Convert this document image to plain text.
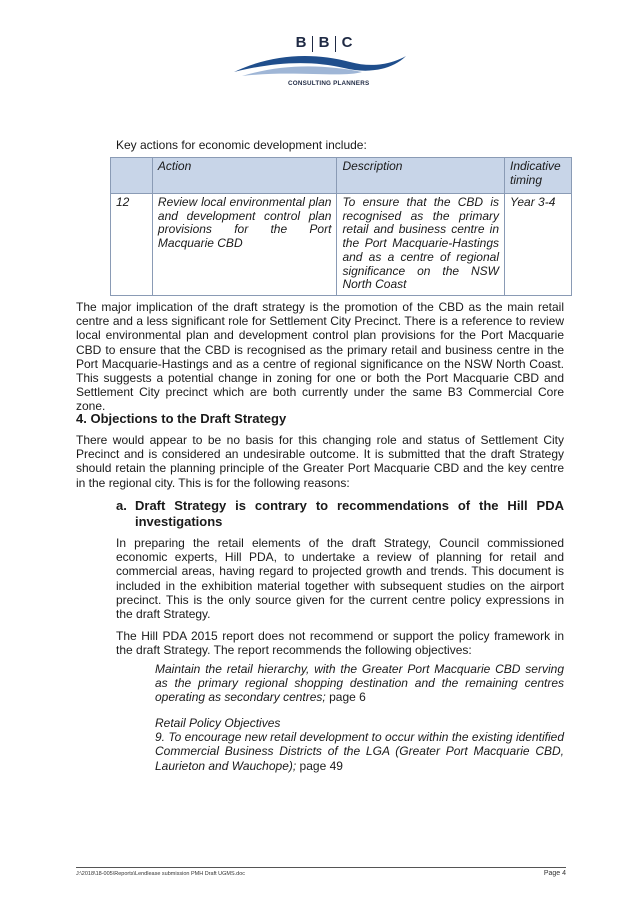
B B C
CONSULTING PLANNERS
Key actions for economic development include:
	Action	Description	Indicative timing
12	Review local environmental plan and development control plan provisions for the Port Macquarie CBD	To ensure that the CBD is recognised as the primary retail and business centre in the Port Macquarie-Hastings and as a centre of regional significance on the NSW North Coast	Year 3-4
The major implication of the draft strategy is the promotion of the CBD as the main retail centre and a less significant role for Settlement City Precinct. There is a reference to review local environmental plan and development control plan provisions for the Port Macquarie CBD to ensure that the CBD is recognised as the primary retail and business centre in the Port Macquarie-Hastings and as a centre of regional significance on the NSW North Coast. This suggests a potential change in zoning for one or both the Port Macquarie CBD and Settlement City precinct which are both currently under the same B3 Commercial Core zone.
4. Objections to the Draft Strategy
There would appear to be no basis for this changing role and status of Settlement City Precinct and is considered an undesirable outcome. It is submitted that the draft Strategy should retain the planning principle of the Greater Port Macquarie CBD and the key centre in the regional city. This is for the following reasons:
a. Draft Strategy is contrary to recommendations of the Hill PDA investigations
In preparing the retail elements of the draft Strategy, Council commissioned economic experts, Hill PDA, to undertake a review of planning for retail and commercial areas, having regard to projected growth and trends. This document is included in the exhibition material together with subsequent studies on the airport precinct. This is the only source given for the current centre policy expressions in the draft Strategy.
The Hill PDA 2015 report does not recommend or support the policy framework in the draft Strategy. The report recommends the following objectives:
Maintain the retail hierarchy, with the Greater Port Macquarie CBD serving as the primary regional shopping destination and the remaining centres operating as secondary centres; page 6
Retail Policy Objectives
9. To encourage new retail development to occur within the existing identified Commercial Business Districts of the LGA (Greater Port Macquarie CBD, Laurieton and Wauchope); page 49
J:\2018\18-005\Reports\Lendlease submission PMH Draft UGMS.doc	Page 4
